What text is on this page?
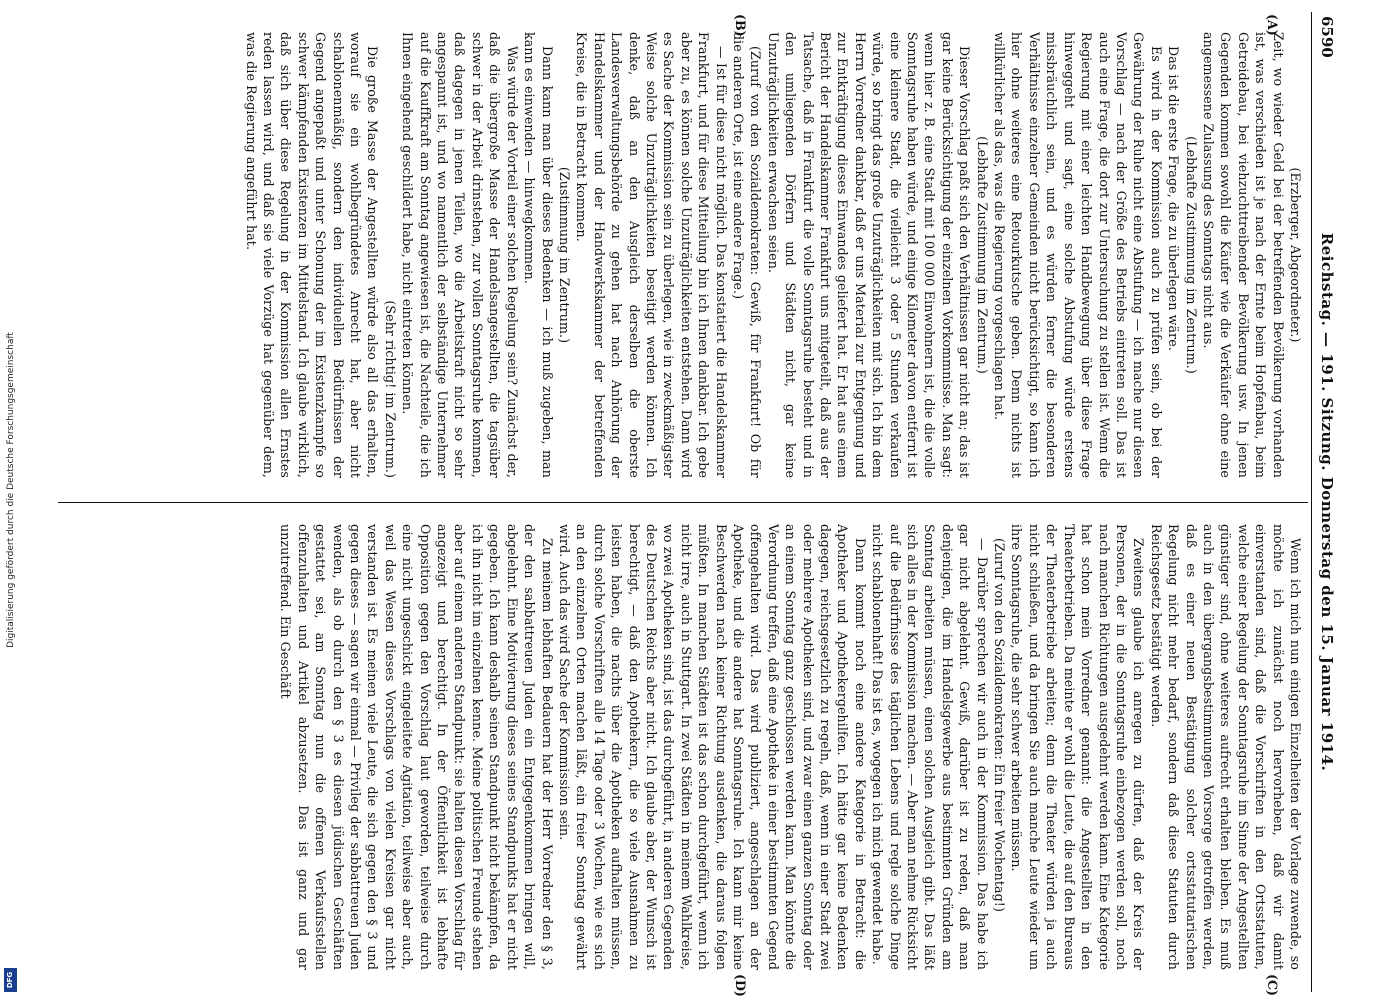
Digitalisierung gefördert durch die Deutsche Forschungsgemeinschaft
DFG
6590
Reichstag. — 191. Sitzung. Donnerstag den 15. Januar 1914.
(A)
(B)
(C)
(D)

(Erzberger, Abgeordneter.)

Zeit, wo wieder Geld bei der betreffenden Bevölkerung vorhanden ist, was verschieden ist je nach der Ernte beim Hopfenbau, beim Getreidebau, bei viehzuchttreibender Bevölkerung usw. In jenen Gegenden kommen sowohl die Käufer wie die Verkäufer ohne eine angemessene Zulassung des Sonntags nicht aus.

(Lebhafte Zustimmung im Zentrum.)

Das ist die erste Frage, die zu überlegen wäre.

Es wird in der Kommission auch zu prüfen sein, ob bei der Gewährung der Ruhe nicht eine Abstufung — ich mache nur diesen Vorschlag — nach der Größe des Betriebs eintreten soll. Das ist auch eine Frage, die dort zur Untersuchung zu stellen ist. Wenn die Regierung mit einer leichten Handbewegung über diese Frage hinweggeht und sagt, eine solche Abstufung würde erstens missbräuchlich sein, und es würden ferner die besonderen Verhältnisse einzelner Gemeinden nicht berücksichtigt, so kann ich hier ohne weiteres eine Retourkutsche geben. Denn nichts ist willkürlicher als das, was die Regierung vorgeschlagen hat.

(Lebhafte Zustimmung im Zentrum.)

Dieser Vorschlag paßt sich den Verhältnissen gar nicht an; das ist gar keine Berücksichtigung der einzelnen Vorkommnisse. Man sagt: wenn hier z. B. eine Stadt mit 100 000 Einwohnern ist, die die volle Sonntagsruhe haben würde, und einige Kilometer davon entfernt ist eine kleinere Stadt, die vielleicht 3 oder 5 Stunden verkaufen würde, so bringt das große Unzuträglichkeiten mit sich. Ich bin dem Herrn Vorredner dankbar, daß er uns Material zur Entgegnung und zur Entkräftigung dieses Einwandes geliefert hat. Er hat aus einem Bericht der Handelskammer Frankfurt uns mitgeteilt, daß aus der Tatsache, daß in Frankfurt die volle Sonntagsruhe besteht und in den umliegenden Dörfern und Städten nicht, gar keine Unzuträglichkeiten erwachsen seien.

(Zuruf von den Sozialdemokraten: Gewiß, für Frankfurt! Ob für die anderen Orte, ist eine andere Frage.)

— Ist für diese nicht möglich. Das konstatiert die Handelskammer Frankfurt, und für diese Mitteilung bin ich Ihnen dankbar. Ich gebe aber zu, es können solche Unzuträglichkeiten entstehen. Dann wird es Sache der Kommission sein zu überlegen, wie in zweckmäßigster Weise solche Unzuträglichkeiten beseitigt werden können. Ich denke, daß an den Ausgleich derselben die oberste Landesverwaltungsbehörde zu gehen hat nach Anhörung der Handelskammer und der Handwerkskammer der betreffenden Kreise, die in Betracht kommen.

(Zustimmung im Zentrum.)

Dann kann man über dieses Bedenken — ich muß zugeben, man kann es einwenden — hinwegkommen.

Was würde der Vorteil einer solchen Regelung sein? Zunächst der, daß die übergroße Masse der Handelsangestellten, die tagsüber schwer in der Arbeit drinstehen, zur vollen Sonntagsruhe kommen, daß dagegen in jenen Teilen, wo die Arbeitskraft nicht so sehr angespannt ist, und wo namentlich der selbständige Unternehmer auf die Kauffkraft am Sonntag angewiesen ist, die Nachteile, die ich Ihnen eingehend geschildert habe, nicht eintreten können.

(Sehr richtig! im Zentrum.)

Die große Masse der Angestellten würde also all das erhalten, worauf sie ein wohlbegründetes Anrecht hat, aber nicht schablonenmäßig, sondern den individuellen Bedürfnissen der Gegend angepaßt und unter Schonung der im Existenzkampfe so schwer kämpfenden Existenzen im Mittelstand. Ich glaube wirklich, daß sich über diese Regelung in der Kommission allen Ernstes reden lassen wird, und daß sie viele Vorzüge hat gegenüber dem, was die Regierung angeführt hat.

Wenn ich mich nun einigen Einzelheiten der Vorlage zuwende, so möchte ich zunächst noch hervorheben, daß wir damit einverstanden sind, daß die Vorschriften in den Ortsstatuten, welche einer Regelung der Sonntagsruhe im Sinne der Angestellten günstiger sind, ohne weiteres aufrecht erhalten bleiben. Es muß auch in den übergangsbestimmungen Vorsorge getroffen werden, daß es einer neuen Bestätigung solcher ortsstatutarischen Regelung nicht mehr bedarf, sondern daß diese Statuten durch Reichsgesetz bestätigt werden.

Zweitens glaube ich anregen zu dürfen, daß der Kreis der Personen, der in die Sonntagsruhe einbezogen werden soll, noch nach manchen Richtungen ausgedehnt werden kann. Eine Kategorie hat schon mein Vorredner genannt: die Angestellten in den Theaterbetrieben. Da meinte er wohl die Leute, die auf den Bureaus der Theaterbetriebe arbeiten; denn die Theater würden ja auch nicht schließen, und da bringen Sie auch manche Leute wieder um ihre Sonntagsruhe, die sehr schwer arbeiten müssen.

(Zuruf von den Sozialdemokraten: Ein freier Wochentag!)

— Darüber sprechen wir auch in der Kommission. Das habe ich gar nicht abgelehnt. Gewiß, darüber ist zu reden, daß man denjenigen, die im Handelsgewerbe aus bestimmten Gründen am Sonntag arbeiten müssen, einen solchen Ausgleich gibt. Das läßt sich alles in der Kommission machen. — Aber man nehme Rücksicht auf die Bedürfnisse des täglichen Lebens und regle solche Dinge nicht schablonenhaft! Das ist es, wogegen ich mich gewendet habe.

Dann kommt noch eine andere Kategorie in Betracht: die Apotheker und Apothekergehilfen. Ich hätte gar keine Bedenken dagegen, reichsgesetzlich zu regeln, daß, wenn in einer Stadt zwei oder mehrere Apotheken sind, und zwar einen ganzen Sonntag oder an einem Sonntag ganz geschlossen werden kann. Man könnte die Verordnung treffen, daß eine Apotheke in einer bestimmten Gegend offengehalten wird. Das wird publiziert, angeschlagen an der Apotheke, und die andere hat Sonntagsruhe. Ich kann mir keine Beschwerden nach keiner Richtung ausdenken, die daraus folgen müßten. In manchen Städten ist das schon durchgeführt, wenn ich nicht irre, auch in Stuttgart. In zwei Städten in meinem Wahlkreise, wo zwei Apotheken sind, ist das durchgeführt, in anderen Gegenden des Deutschen Reichs aber nicht. Ich glaube aber, der Wunsch ist berechtigt, — daß den Apothekern, die so viele Ausnahmen zu leisten haben, die nachts über die Apotheken aufhalten müssen, durch solche Vorschriften alle 14 Tage oder 3 Wochen, wie es sich an den einzelnen Orten machen läßt, ein freier Sonntag gewährt wird. Auch das wird Sache der Kommission sein.

Zu meinem lebhaften Bedauern hat der Herr Vorredner den § 3, der den sabbattreuen Juden ein Entgegenkommen bringen will, abgelehnt. Eine Motivierung dieses seines Standpunkts hat er nicht gegeben. Ich kann deshalb seinen Standpunkt nicht bekämpfen, da ich ihn nicht im einzelnen kenne. Meine politischen Freunde stehen aber auf einem anderen Standpunkt: sie halten diesen Vorschlag für angezeigt und berechtigt. In der Öffentlichkeit ist lebhafte Opposition gegen den Vorschlag laut geworden, teilweise durch eine nicht ungeschickt eingeleitete Agitation, teilweise aber auch, weil das Wesen dieses Vorschlags von vielen Kreisen gar nicht verstanden ist. Es meinen viele Leute, die sich gegen den § 3 und gegen dieses — sagen wir einmal — Privileg der sabbattreuen Juden wenden, als ob durch den § 3 es diesen jüdischen Geschäften gestattet sei, am Sonntag nun die offenen Verkaufsstellen offenzuhalten und Artikel abzusetzen. Das ist ganz und gar unzutreffend. Ein Geschäft
